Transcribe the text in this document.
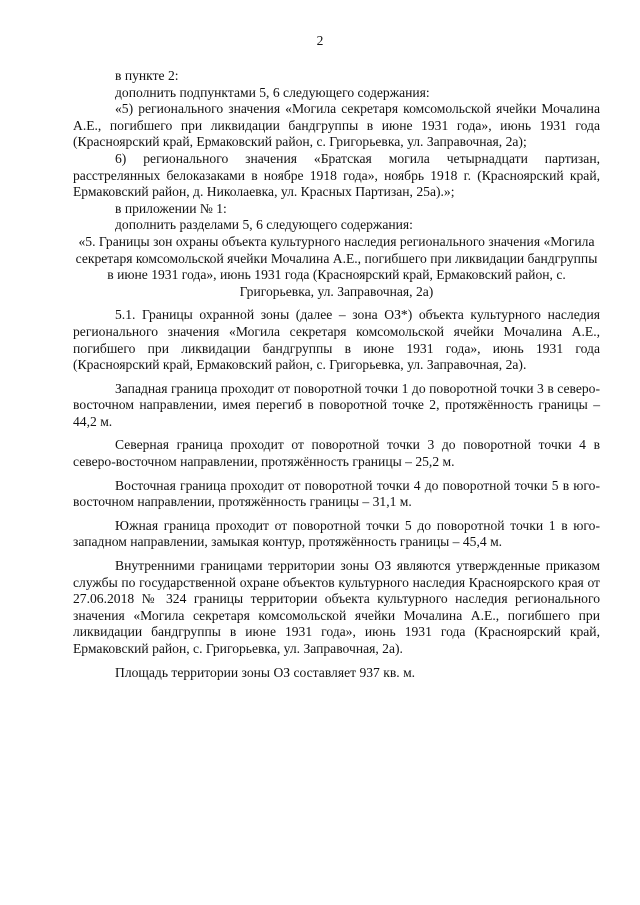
2

в пункте 2:

дополнить подпунктами 5, 6 следующего содержания:

«5) регионального значения «Могила секретаря комсомольской ячейки Мочалина А.Е., погибшего при ликвидации бандгруппы в июне 1931 года», июнь 1931 года (Красноярский край, Ермаковский район, с. Григорьевка, ул. Заправочная, 2а);

6) регионального значения «Братская могила четырнадцати партизан, расстрелянных белоказаками в ноябре 1918 года», ноябрь 1918 г. (Красноярский край, Ермаковский район, д. Николаевка, ул. Красных Партизан, 25а).»;

в приложении № 1:

дополнить разделами 5, 6 следующего содержания:

«5. Границы зон охраны объекта культурного наследия регионального значения «Могила секретаря комсомольской ячейки Мочалина А.Е., погибшего при ликвидации бандгруппы в июне 1931 года», июнь 1931 года (Красноярский край, Ермаковский район, с. Григорьевка, ул. Заправочная, 2а)

5.1. Границы охранной зоны (далее – зона ОЗ*) объекта культурного наследия регионального значения «Могила секретаря комсомольской ячейки Мочалина А.Е., погибшего при ликвидации бандгруппы в июне 1931 года», июнь 1931 года (Красноярский край, Ермаковский район, с. Григорьевка, ул. Заправочная, 2а).

Западная граница проходит от поворотной точки 1 до поворотной точки 3 в северо-восточном направлении, имея перегиб в поворотной точке 2, протяжённость границы – 44,2 м.

Северная граница проходит от поворотной точки 3 до поворотной точки 4 в северо-восточном направлении, протяжённость границы – 25,2 м.

Восточная граница проходит от поворотной точки 4 до поворотной точки 5 в юго-восточном направлении, протяжённость границы – 31,1 м.

Южная граница проходит от поворотной точки 5 до поворотной точки 1 в юго-западном направлении, замыкая контур, протяжённость границы – 45,4 м.

Внутренними границами территории зоны ОЗ являются утвержденные приказом службы по государственной охране объектов культурного наследия Красноярского края от 27.06.2018 № 324 границы территории объекта культурного наследия регионального значения «Могила секретаря комсомольской ячейки Мочалина А.Е., погибшего при ликвидации бандгруппы в июне 1931 года», июнь 1931 года (Красноярский край, Ермаковский район, с. Григорьевка, ул. Заправочная, 2а).

Площадь территории зоны ОЗ составляет 937 кв. м.
